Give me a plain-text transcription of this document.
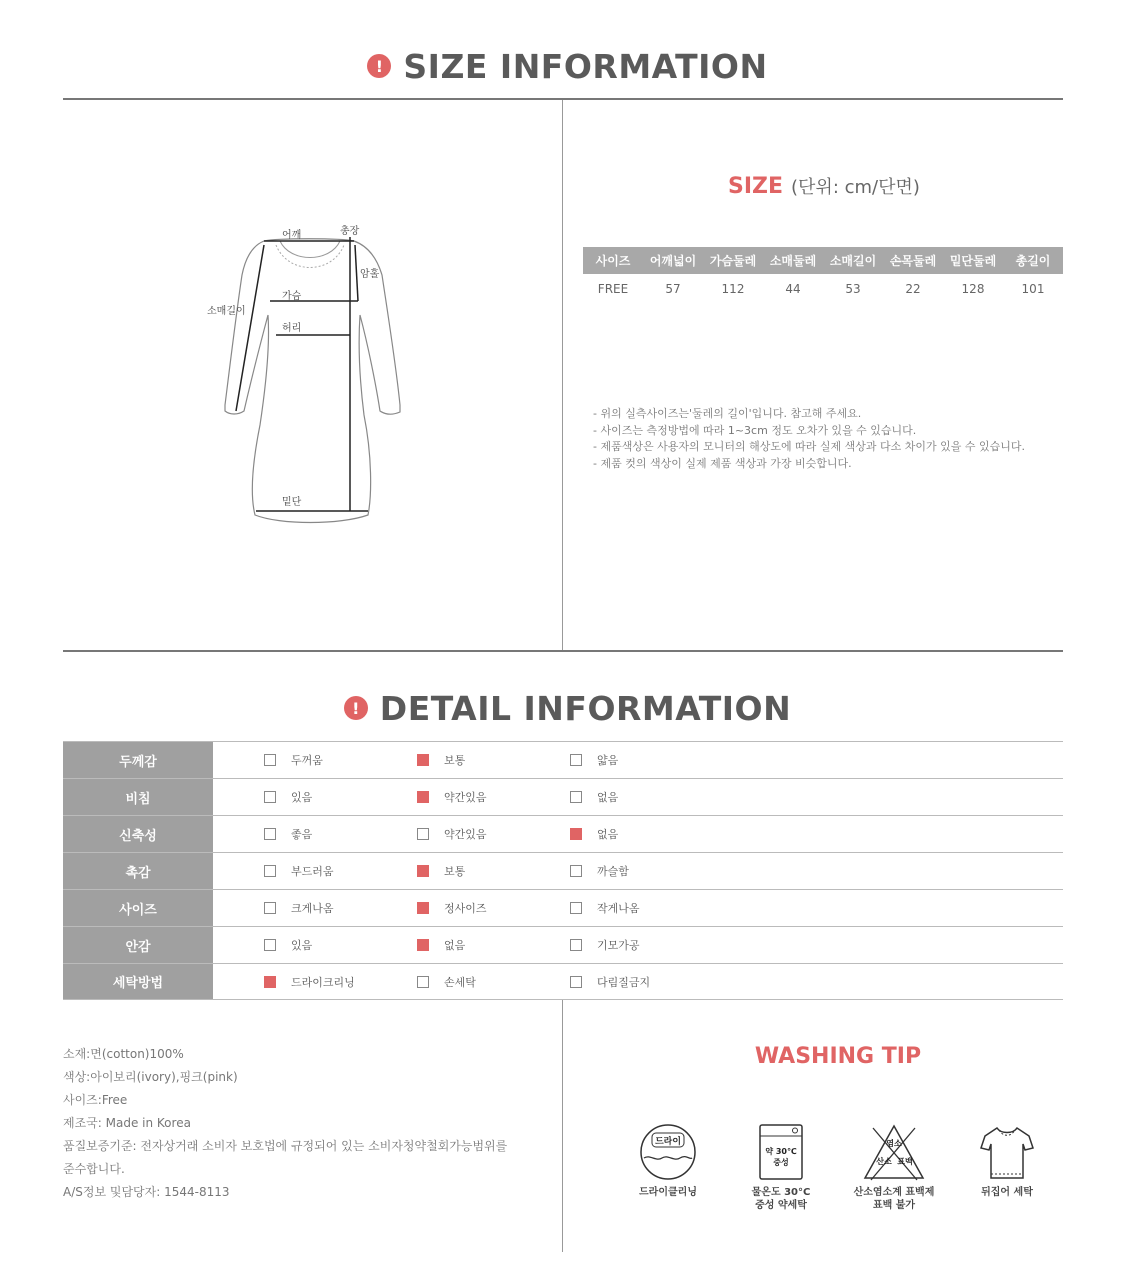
! SIZE INFORMATION
어깨	총장
암홀
소매길이
가슴
허리
밑단
SIZE (단위: cm/단면)
사이즈	어깨넓이	가슴둘레	소매둘레	소매길이	손목둘레	밑단둘레	총길이
FREE	57	112	44	53	22	128	101
- 위의 실측사이즈는'둘레의 길이'입니다. 참고해 주세요.
- 사이즈는 측정방법에 따라 1~3cm 정도 오차가 있을 수 있습니다.
- 제품색상은 사용자의 모니터의 해상도에 따라 실제 색상과 다소 차이가 있을 수 있습니다.
- 제품 컷의 색상이 실제 제품 색상과 가장 비슷합니다.
! DETAIL INFORMATION
두께감	두꺼움	보통	얇음
비침	있음	약간있음	없음
신축성	좋음	약간있음	없음
촉감	부드러움	보통	까슬함
사이즈	크게나옴	정사이즈	작게나옴
안감	있음	없음	기모가공
세탁방법	드라이크리닝	손세탁	다림질금지
소재:면(cotton)100%
색상:아이보리(ivory),핑크(pink)
사이즈:Free
제조국: Made in Korea
품질보증기준: 전자상거래 소비자 보호법에 규정되어 있는 소비자청약철회가능범위를
준수합니다.
A/S정보 및담당자: 1544-8113
WASHING TIP
드라이
드라이클리닝
약 30℃
중성
물온도 30°C
중성 약세탁
염소
산소 표백
산소염소계 표백제
표백 불가
뒤집어 세탁
